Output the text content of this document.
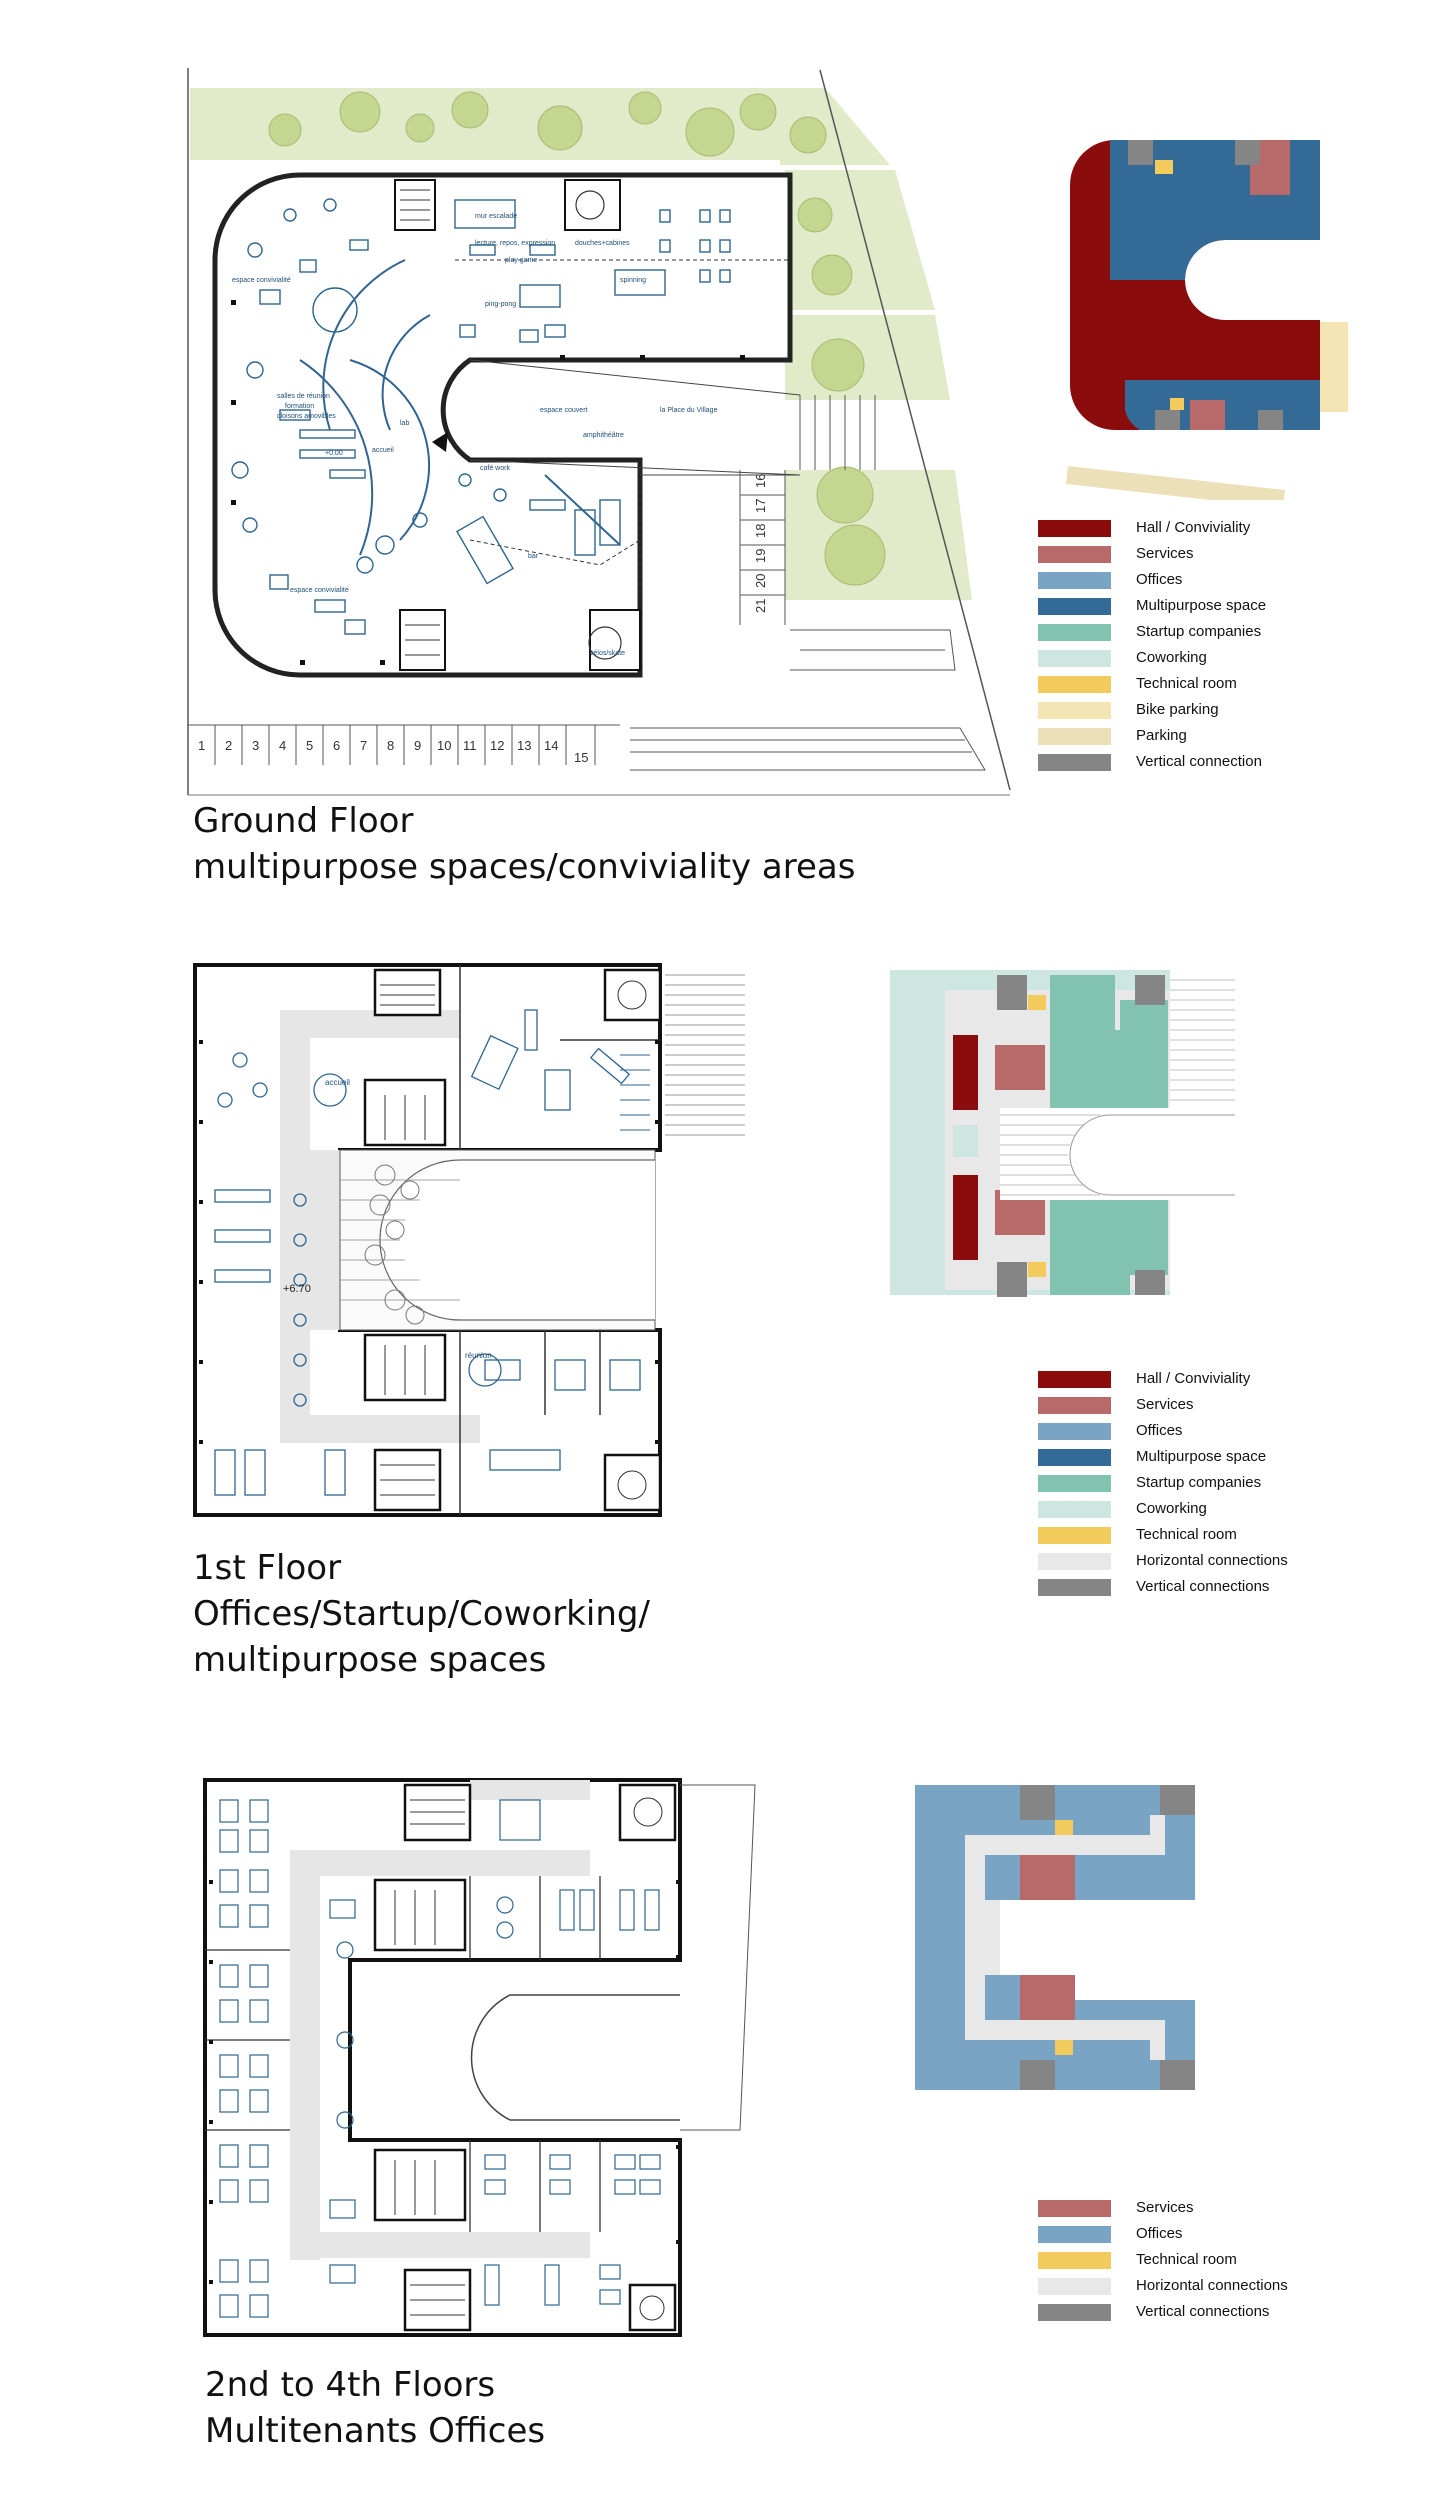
mur escalade
lecture, repos, expression	douches+cabines
play game
spinning
ping-pong
espace convivialité
salles de réunion
formation
cloisons amovibles
+0.00	accueil
lab
espace couvert	la Place du Village
amphithéâtre
café work
bar
espace convivialité
vélos/skate
1 2 3 4 5 6 7 8 9 10 11 12 13 14
15
16
17
18
19
20
21
Ground Floor
multipurpose spaces/conviviality areas
Hall / Conviviality
Services
Offices
Multipurpose space
Startup companies
Coworking
Technical room
Bike parking
Parking
Vertical connection
accueil
+6.70
réunion
1st Floor
Offices/Startup/Coworking/
multipurpose spaces
Hall / Conviviality
Services
Offices
Multipurpose space
Startup companies
Coworking
Technical room
Horizontal connections
Vertical connections
2nd to 4th Floors
Multitenants Offices
Services
Offices
Technical room
Horizontal connections
Vertical connections
